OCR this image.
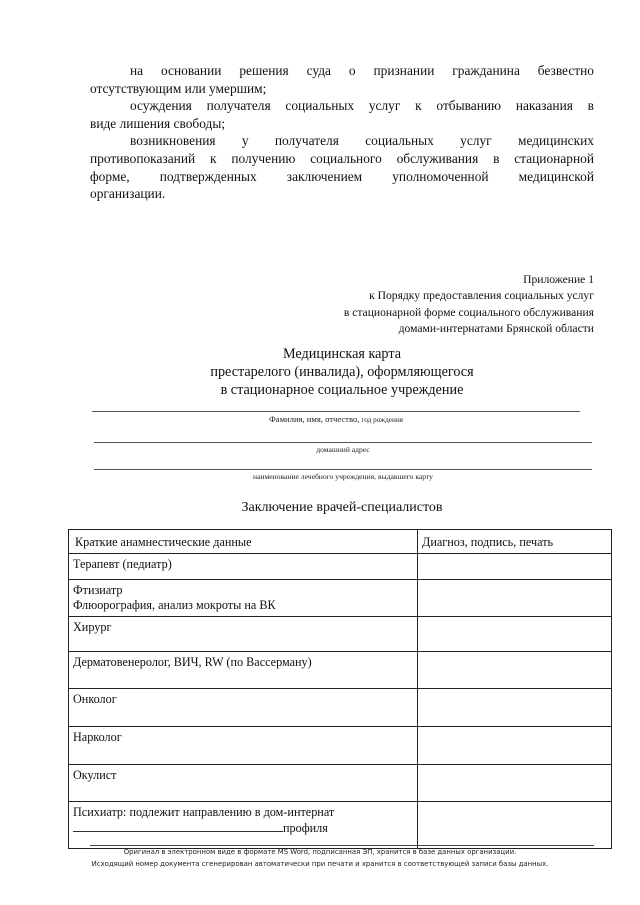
на основании решения суда о признании гражданина безвестно
отсутствующим или умершим;
осуждения получателя социальных услуг к отбыванию наказания в
виде лишения свободы;
возникновения у получателя социальных услуг медицинских
противопоказаний к получению социального обслуживания в стационарной
форме, подтвержденных заключением уполномоченной медицинской
организации.
Приложение 1
к Порядку предоставления социальных услуг
в стационарной форме социального обслуживания
домами-интернатами Брянской области
Медицинская карта
престарелого (инвалида), оформляющегося
в стационарное социальное учреждение
Фамилия, имя, отчество, год рождения
домашний адрес
наименование лечебного учреждения, выдавшего карту
Заключение врачей-специалистов
Краткие анамнестические данные	Диагноз, подпись, печать
Терапевт (педиатр)	

Фтизиатр
Флюорография, анализ мокроты на ВК	

Хирург	
Дерматовенеролог, ВИЧ, RW (по Вассерману)	
Онколог	
Нарколог	
Окулист	

Психиатр: подлежит направлению в дом-интернат
профиля	

Оригинал в электронном виде в формате MS Word, подписанная ЭП, хранится в базе данных организации.
Исходящий номер документа сгенерирован автоматически при печати и хранится в соответствующей записи базы данных.
